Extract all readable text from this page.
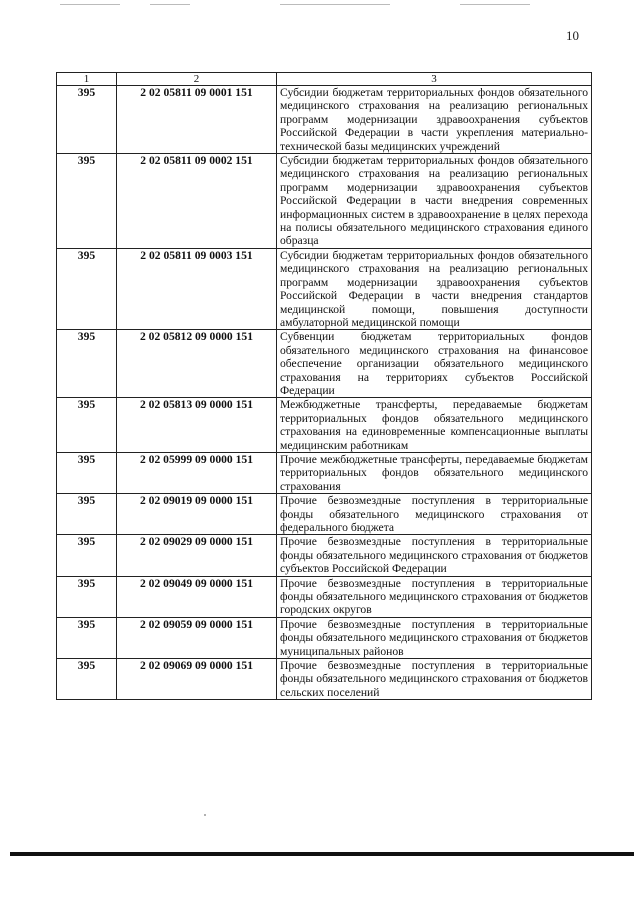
10
1	2	3
395	2 02 05811 09 0001 151	Субсидии бюджетам территориальных фондов обязательного медицинского страхования на реализацию региональных программ модернизации здравоохранения субъектов Российской Федерации в части укрепления материально-технической базы медицинских учреждений
395	2 02 05811 09 0002 151	Субсидии бюджетам территориальных фондов обязательного медицинского страхования на реализацию региональных программ модернизации здравоохранения субъектов Российской Федерации в части внедрения современных информационных систем в здравоохранение в целях перехода на полисы обязательного медицинского страхования единого образца
395	2 02 05811 09 0003 151	Субсидии бюджетам территориальных фондов обязательного медицинского страхования на реализацию региональных программ модернизации здравоохранения субъектов Российской Федерации в части внедрения стандартов медицинской помощи, повышения доступности амбулаторной медицинской помощи
395	2 02 05812 09 0000 151	Субвенции бюджетам территориальных фондов обязательного медицинского страхования на финансовое обеспечение организации обязательного медицинского страхования на территориях субъектов Российской Федерации
395	2 02 05813 09 0000 151	Межбюджетные трансферты, передаваемые бюджетам территориальных фондов обязательного медицинского страхования на единовременные компенсационные выплаты медицинским работникам
395	2 02 05999 09 0000 151	Прочие межбюджетные трансферты, передаваемые бюджетам территориальных фондов обязательного медицинского страхования
395	2 02 09019 09 0000 151	Прочие безвозмездные поступления в территориальные фонды обязательного медицинского страхования от федерального бюджета
395	2 02 09029 09 0000 151	Прочие безвозмездные поступления в территориальные фонды обязательного медицинского страхования от бюджетов субъектов Российской Федерации
395	2 02 09049 09 0000 151	Прочие безвозмездные поступления в территориальные фонды обязательного медицинского страхования от бюджетов городских округов
395	2 02 09059 09 0000 151	Прочие безвозмездные поступления в территориальные фонды обязательного медицинского страхования от бюджетов муниципальных районов
395	2 02 09069 09 0000 151	Прочие безвозмездные поступления в территориальные фонды обязательного медицинского страхования от бюджетов сельских поселений
